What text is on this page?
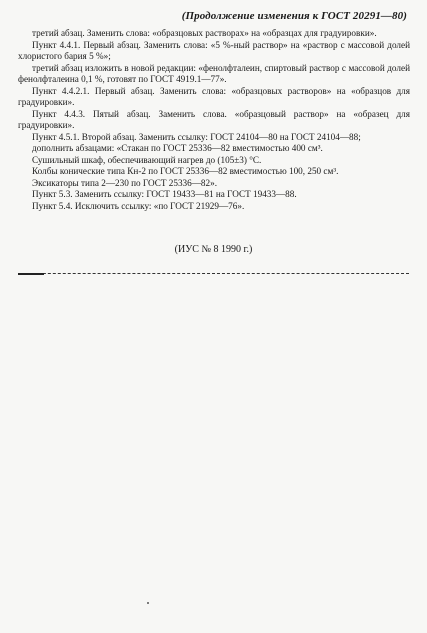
(Продолжение изменения к ГОСТ 20291—80)

третий абзац. Заменить слова: «образцовых растворах» на «образцах для градуировки».

Пункт 4.4.1. Первый абзац. Заменить слова: «5 %-ный раствор» на «раствор с массовой долей хлористого бария 5 %»;

третий абзац изложить в новой редакции: «фенолфталеин, спиртовый раствор с массовой долей фенолфталеина 0,1 %, готовят по ГОСТ 4919.1—77».

Пункт 4.4.2.1. Первый абзац. Заменить слова: «образцовых растворов» на «образцов для градуировки».

Пункт 4.4.3. Пятый абзац. Заменить слова. «образцовый раствор» на «образец для градуировки».

Пункт 4.5.1. Второй абзац. Заменить ссылку: ГОСТ 24104—80 на ГОСТ 24104—88;

дополнить абзацами: «Стакан по ГОСТ 25336—82 вместимостью 400 см³.

Сушильный шкаф, обеспечивающий нагрев до (105±3) °С.

Колбы конические типа Кн-2 по ГОСТ 25336—82 вместимостью 100, 250 см³.

Эксикаторы типа 2—230 по ГОСТ 25336—82».

Пункт 5.3. Заменить ссылку: ГОСТ 19433—81 на ГОСТ 19433—88.

Пункт 5.4. Исключить ссылку: «по ГОСТ 21929—76».

(ИУС № 8 1990 г.)
